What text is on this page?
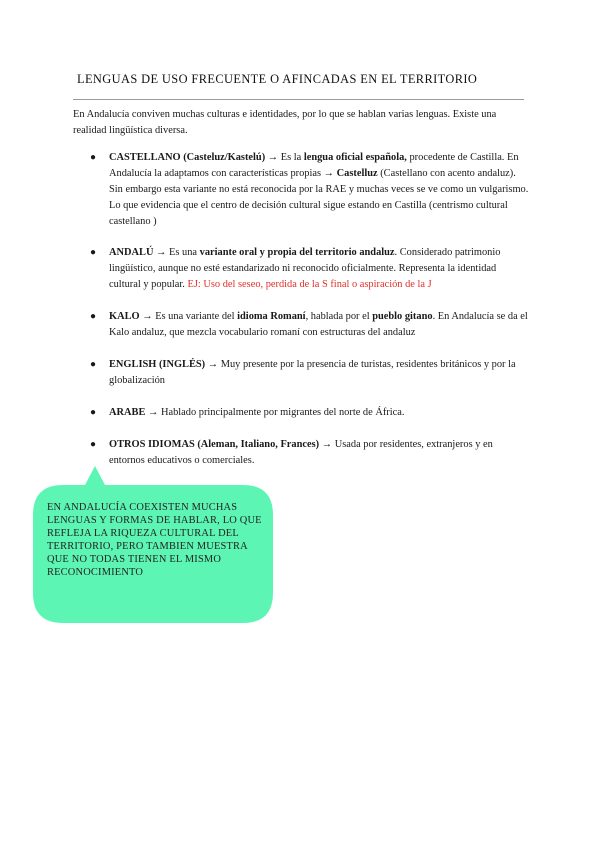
LENGUAS DE USO FRECUENTE O AFINCADAS EN EL TERRITORIO

En Andalucía conviven muchas culturas e identidades, por lo que se hablan varias lenguas. Existe una realidad lingüística diversa.

● CASTELLANO (Casteluz/Kastelú) → Es la lengua oficial española, procedente de Castilla. En Andalucía la adaptamos con características propias → Castelluz (Castellano con acento andaluz). Sin embargo esta variante no está reconocida por la RAE y muchas veces se ve como un vulgarismo. Lo que evidencia que el centro de decisión cultural sigue estando en Castilla (centrismo cultural castellano )
● ANDALÚ → Es una variante oral y propia del territorio andaluz. Considerado patrimonio lingüístico, aunque no esté estandarizado ni reconocido oficialmente. Representa la identidad cultural y popular. EJ: Uso del seseo, perdida de la S final o aspiración de la J
● KALO → Es una variante del idioma Romaní, hablada por el pueblo gitano. En Andalucía se da el Kalo andaluz, que mezcla vocabulario romaní con estructuras del andaluz
● ENGLISH (INGLÉS) → Muy presente por la presencia de turistas, residentes británicos y por la globalización
● ARABE → Hablado principalmente por migrantes del norte de África.
● OTROS IDIOMAS (Aleman, Italiano, Frances) → Usada por residentes, extranjeros y en entornos educativos o comerciales.

EN ANDALUCÍA COEXISTEN MUCHAS LENGUAS Y FORMAS DE HABLAR, LO QUE REFLEJA LA RIQUEZA CULTURAL DEL TERRITORIO, PERO TAMBIEN MUESTRA QUE NO TODAS TIENEN EL MISMO RECONOCIMIENTO
